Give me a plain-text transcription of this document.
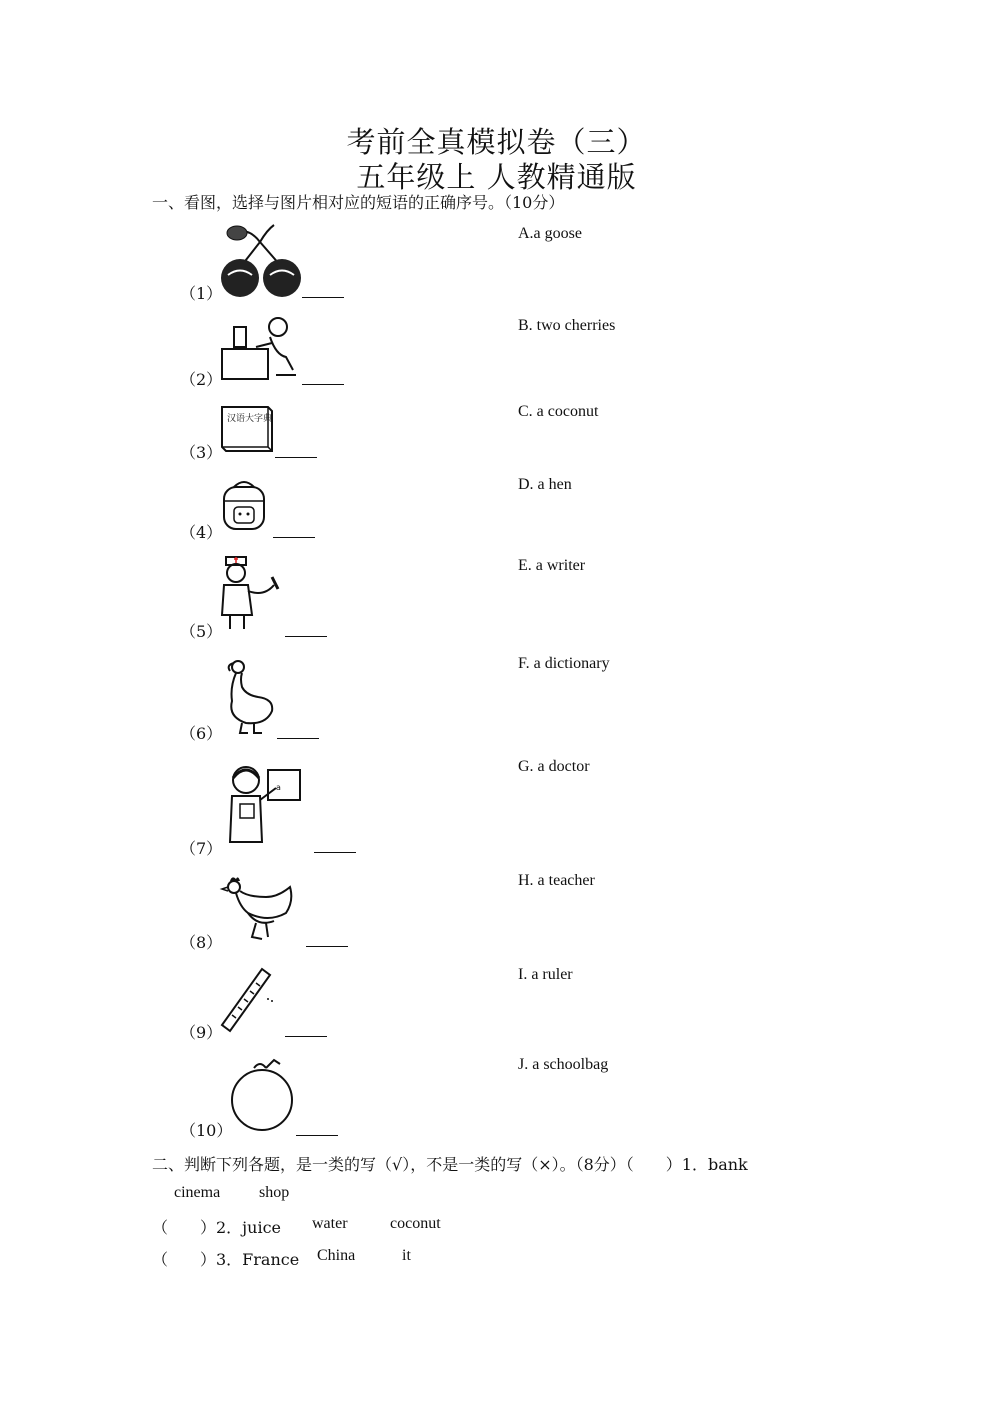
考前全真模拟卷（三）
五年级上 人教精通版
一、看图，选择与图片相对应的短语的正确序号。（10分）
（1）
（2）
汉语大字典
（3）
（4）
（5）
（6）
a
（7）
（8）
（9）
（10）
A.a goose
B. two cherries
C. a coconut
D. a hen
E. a writer
F. a dictionary
G. a doctor
H. a teacher
I. a ruler
J. a schoolbag
二、判断下列各题，是一类的写（√），不是一类的写（×）。（8分）（　　）1．bank
cinema shop
（　　）2．juice water	coconut
（　　）3．France China	it
